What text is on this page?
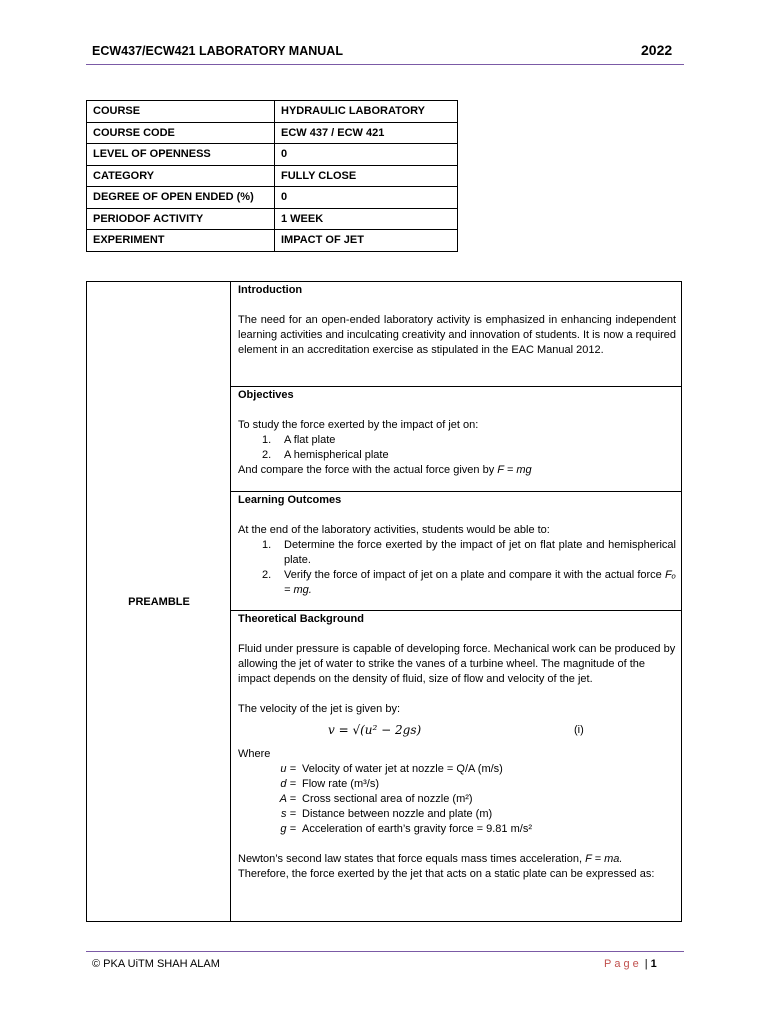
ECW437/ECW421 LABORATORY MANUAL	2022
COURSE	HYDRAULIC LABORATORY
COURSE CODE	ECW 437 / ECW 421
LEVEL OF OPENNESS	0
CATEGORY	FULLY CLOSE
DEGREE OF OPEN ENDED (%)	0
PERIODOF ACTIVITY	1 WEEK
EXPERIMENT	IMPACT OF JET
PREAMBLE
Introduction

The need for an open-ended laboratory activity is emphasized in enhancing independent learning activities and inculcating creativity and innovation of students. It is now a required element in an accreditation exercise as stipulated in the EAC Manual 2012.

Objectives

To study the force exerted by the impact of jet on:

1. A flat plate
2. A hemispherical plate

And compare the force with the actual force given by F = mg

Learning Outcomes

At the end of the laboratory activities, students would be able to:

1. Determine the force exerted by the impact of jet on flat plate and hemispherical plate.
2. Verify the force of impact of jet on a plate and compare it with the actual force Fₒ = mg.
Theoretical Background

Fluid under pressure is capable of developing force. Mechanical work can be produced by allowing the jet of water to strike the vanes of a turbine wheel. The magnitude of the impact depends on the density of fluid, size of flow and velocity of the jet.

The velocity of the jet is given by:

v = √(u² − 2gs)	(i)

Where

u = Velocity of water jet at nozzle = Q/A (m/s)
d = Flow rate (m³/s)
A = Cross sectional area of nozzle (m²)
s = Distance between nozzle and plate (m)
g = Acceleration of earth’s gravity force = 9.81 m/s²

Newton’s second law states that force equals mass times acceleration, F = ma.
Therefore, the force exerted by the jet that acts on a static plate can be expressed as:

© PKA UiTM SHAH ALAM	Page | 1
